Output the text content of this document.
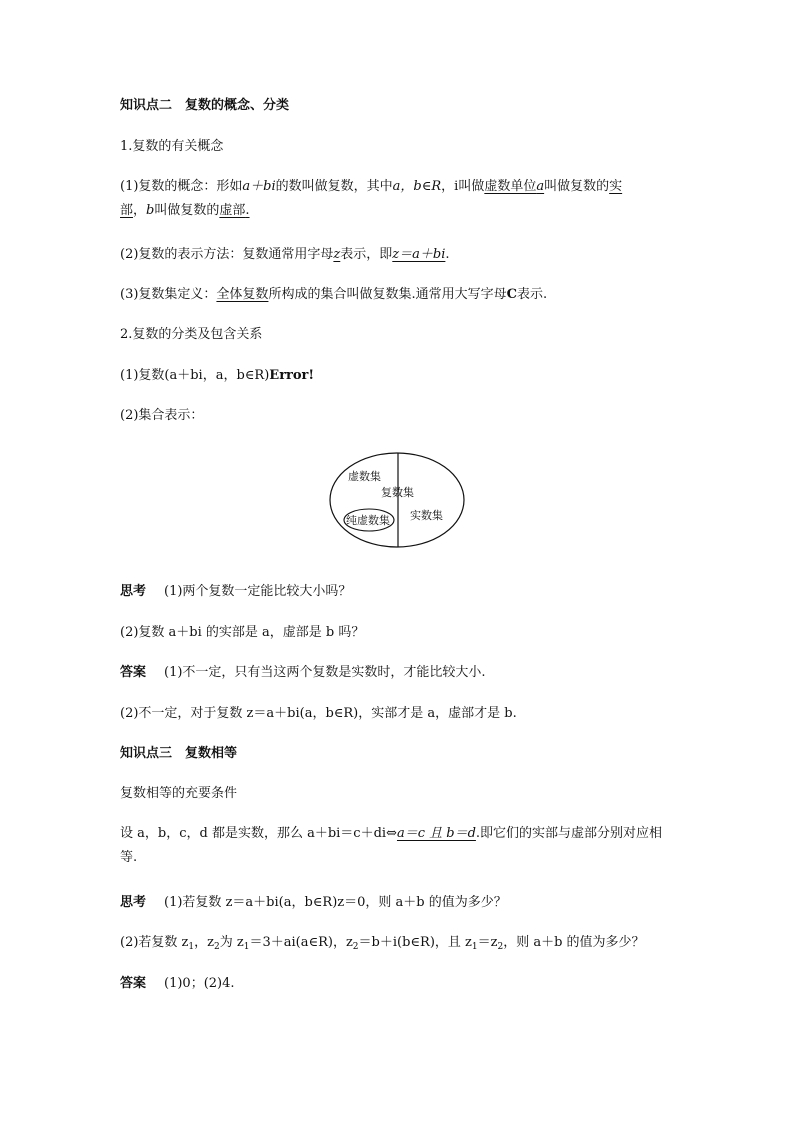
知识点二　复数的概念、分类

1.复数的有关概念

(1)复数的概念：形如a＋bi的数叫做复数，其中a，b∈R，i叫做虚数单位a叫做复数的实
部，b叫做复数的虚部.

(2)复数的表示方法：复数通常用字母z表示，即z＝a＋bi.

(3)复数集定义：全体复数所构成的集合叫做复数集.通常用大写字母C表示.

2.复数的分类及包含关系

(1)复数(a＋bi，a，b∈R)Error!

(2)集合表示：

虚数集
复数集
实数集
纯虚数集

思考 (1)两个复数一定能比较大小吗？

(2)复数 a＋bi 的实部是 a，虚部是 b 吗？

答案 (1)不一定，只有当这两个复数是实数时，才能比较大小.

(2)不一定，对于复数 z＝a＋bi(a，b∈R)，实部才是 a，虚部才是 b.

知识点三　复数相等

复数相等的充要条件

设 a，b，c，d 都是实数，那么 a＋bi＝c＋di⇔a＝c 且 b＝d.即它们的实部与虚部分别对应相
等.

思考 (1)若复数 z＝a＋bi(a，b∈R)z＝0，则 a＋b 的值为多少？

(2)若复数 $z_1$，$z_2$为 $z_1=3+ai(a\in R)$，$z_2=b+i(b\in R)$，且 $z_1=z_2$，则 a＋b 的值为多少？

答案 (1)0；(2)4.
